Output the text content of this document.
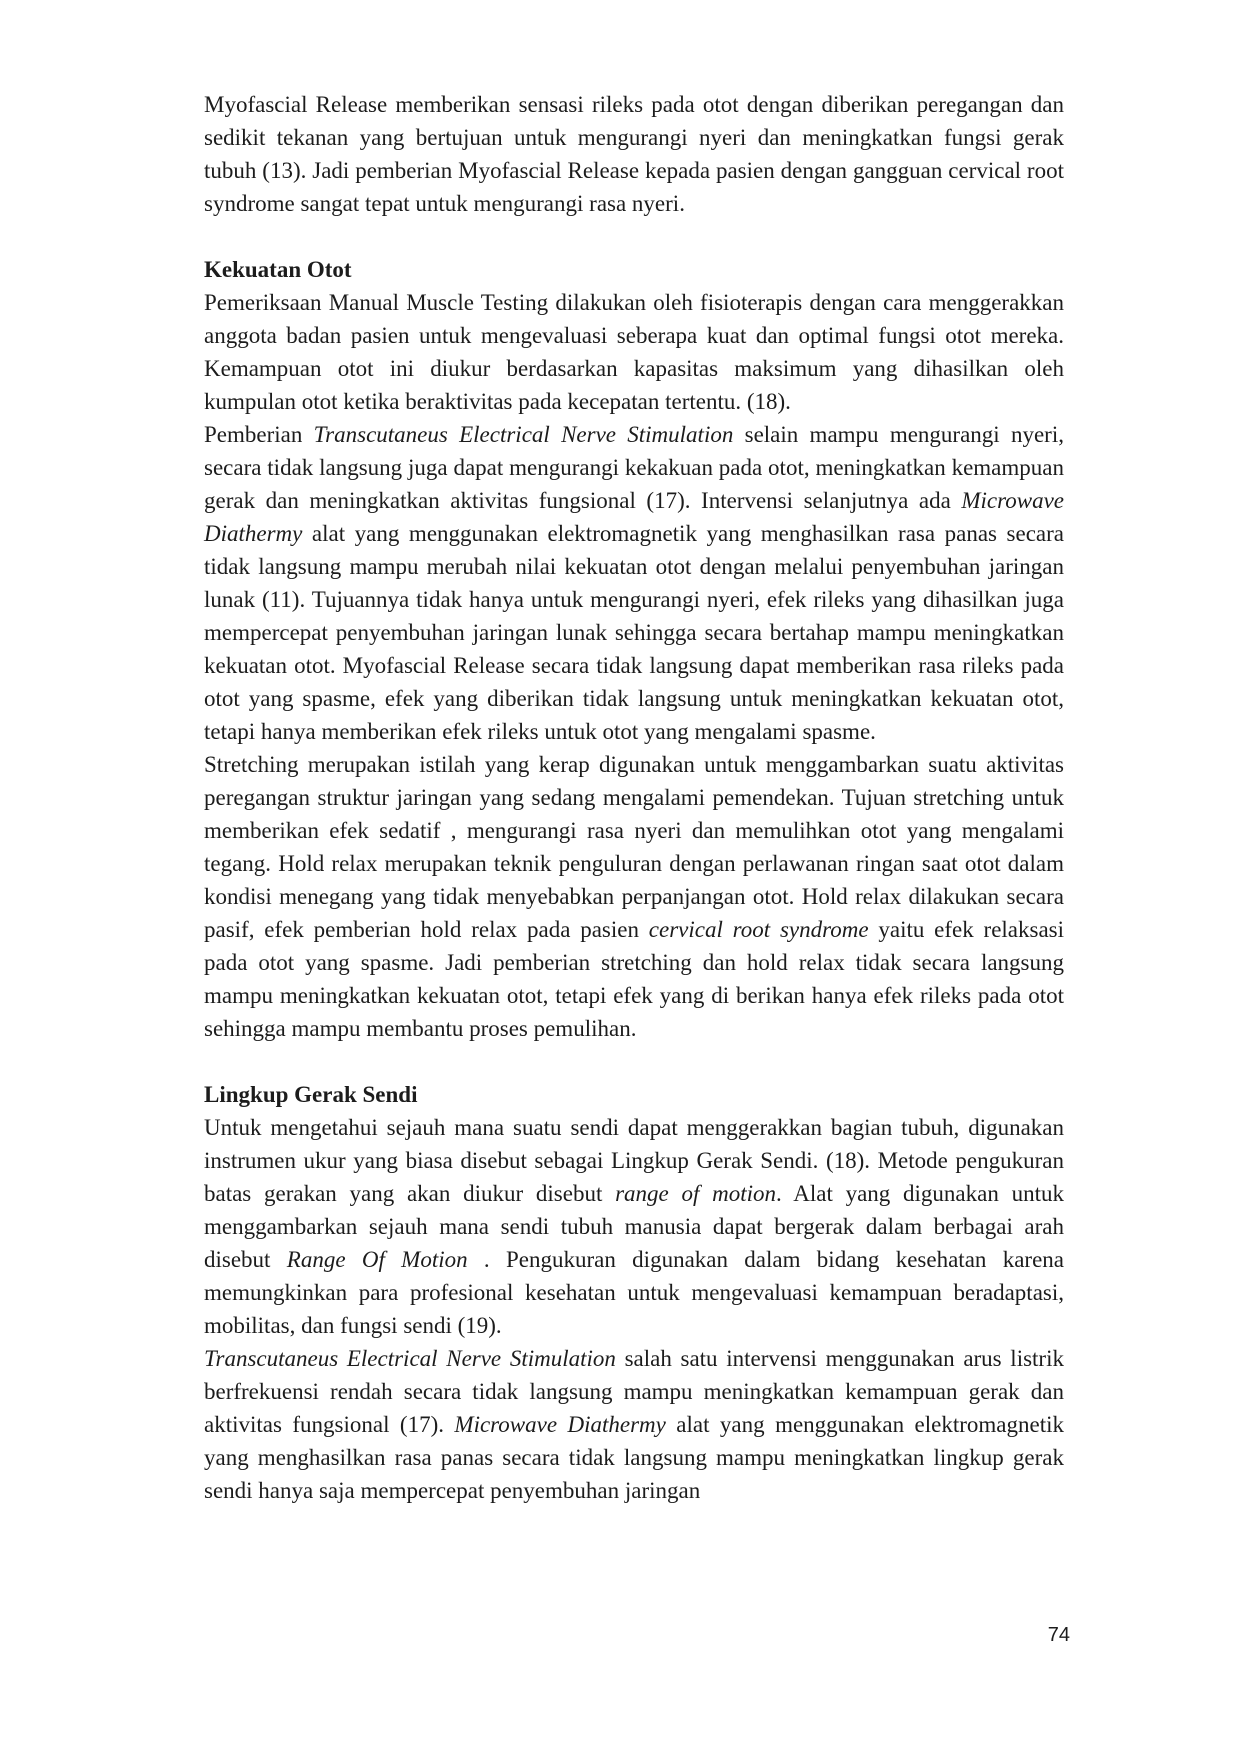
Myofascial Release memberikan sensasi rileks pada otot dengan diberikan peregangan dan sedikit tekanan yang bertujuan untuk mengurangi nyeri dan meningkatkan fungsi gerak tubuh (13). Jadi pemberian Myofascial Release kepada pasien dengan gangguan cervical root syndrome sangat tepat untuk mengurangi rasa nyeri.

Kekuatan Otot

Pemeriksaan Manual Muscle Testing dilakukan oleh fisioterapis dengan cara menggerakkan anggota badan pasien untuk mengevaluasi seberapa kuat dan optimal fungsi otot mereka. Kemampuan otot ini diukur berdasarkan kapasitas maksimum yang dihasilkan oleh kumpulan otot ketika beraktivitas pada kecepatan tertentu. (18).

Pemberian Transcutaneus Electrical Nerve Stimulation selain mampu mengurangi nyeri, secara tidak langsung juga dapat mengurangi kekakuan pada otot, meningkatkan kemampuan gerak dan meningkatkan aktivitas fungsional (17). Intervensi selanjutnya ada Microwave Diathermy alat yang menggunakan elektromagnetik yang menghasilkan rasa panas secara tidak langsung mampu merubah nilai kekuatan otot dengan melalui penyembuhan jaringan lunak (11). Tujuannya tidak hanya untuk mengurangi nyeri, efek rileks yang dihasilkan juga mempercepat penyembuhan jaringan lunak sehingga secara bertahap mampu meningkatkan kekuatan otot. Myofascial Release secara tidak langsung dapat memberikan rasa rileks pada otot yang spasme, efek yang diberikan tidak langsung untuk meningkatkan kekuatan otot, tetapi hanya memberikan efek rileks untuk otot yang mengalami spasme.

Stretching merupakan istilah yang kerap digunakan untuk menggambarkan suatu aktivitas peregangan struktur jaringan yang sedang mengalami pemendekan. Tujuan stretching untuk memberikan efek sedatif , mengurangi rasa nyeri dan memulihkan otot yang mengalami tegang. Hold relax merupakan teknik penguluran dengan perlawanan ringan saat otot dalam kondisi menegang yang tidak menyebabkan perpanjangan otot. Hold relax dilakukan secara pasif, efek pemberian hold relax pada pasien cervical root syndrome yaitu efek relaksasi pada otot yang spasme. Jadi pemberian stretching dan hold relax tidak secara langsung mampu meningkatkan kekuatan otot, tetapi efek yang di berikan hanya efek rileks pada otot sehingga mampu membantu proses pemulihan.

Lingkup Gerak Sendi

Untuk mengetahui sejauh mana suatu sendi dapat menggerakkan bagian tubuh, digunakan instrumen ukur yang biasa disebut sebagai Lingkup Gerak Sendi. (18). Metode pengukuran batas gerakan yang akan diukur disebut range of motion. Alat yang digunakan untuk menggambarkan sejauh mana sendi tubuh manusia dapat bergerak dalam berbagai arah disebut Range Of Motion . Pengukuran digunakan dalam bidang kesehatan karena memungkinkan para profesional kesehatan untuk mengevaluasi kemampuan beradaptasi, mobilitas, dan fungsi sendi (19).

Transcutaneus Electrical Nerve Stimulation salah satu intervensi menggunakan arus listrik berfrekuensi rendah secara tidak langsung mampu meningkatkan kemampuan gerak dan aktivitas fungsional (17). Microwave Diathermy alat yang menggunakan elektromagnetik yang menghasilkan rasa panas secara tidak langsung mampu meningkatkan lingkup gerak sendi hanya saja mempercepat penyembuhan jaringan

74
